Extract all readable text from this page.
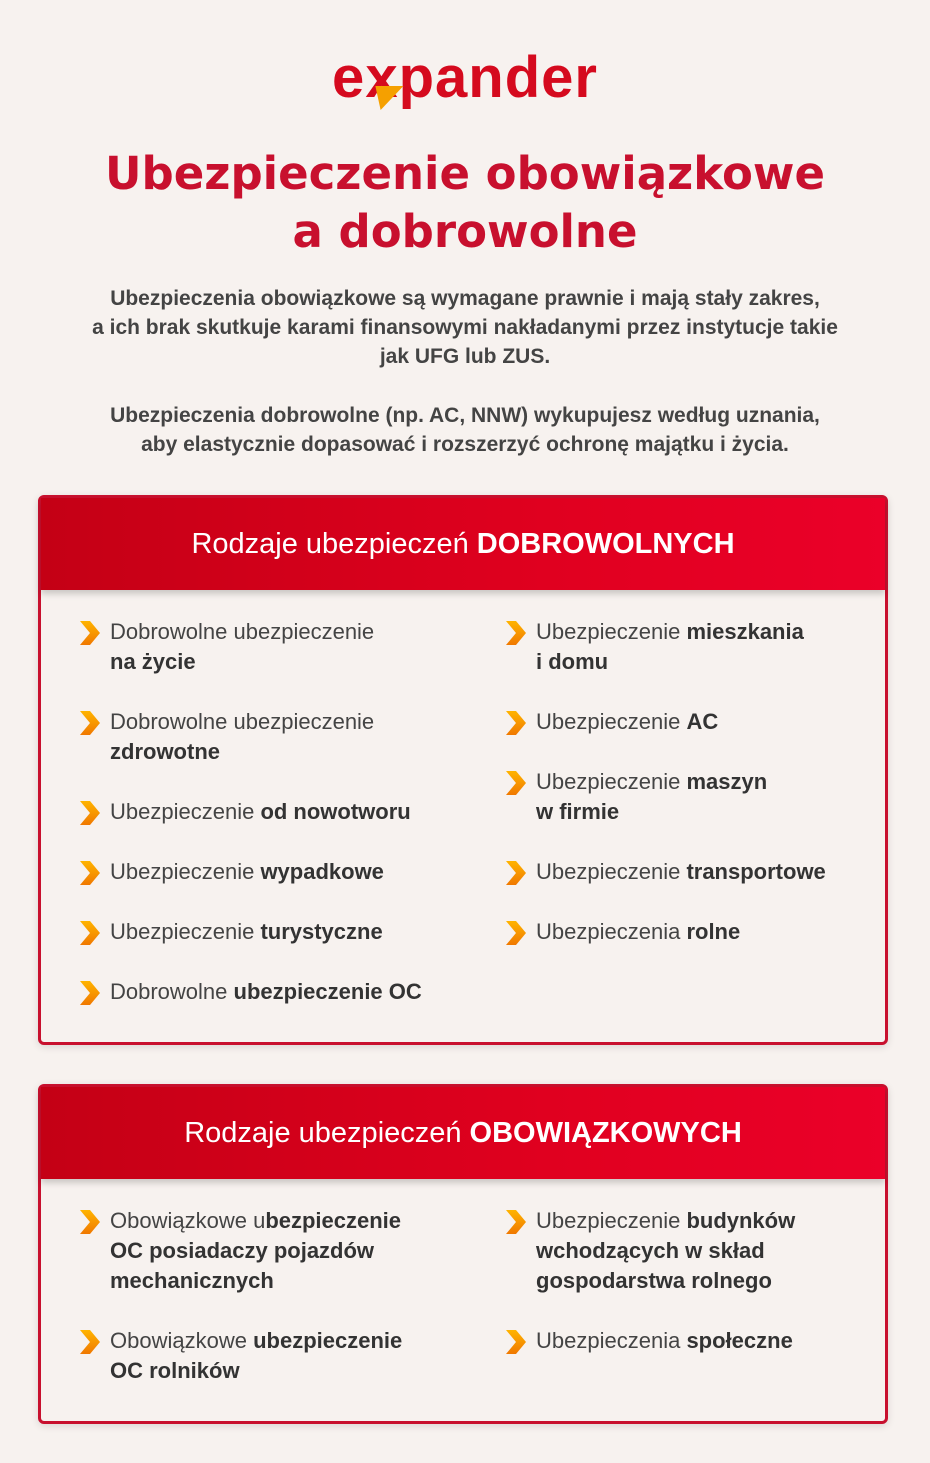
expander
Ubezpieczenie obowiązkowe
a dobrowolne
Ubezpieczenia obowiązkowe są wymagane prawnie i mają stały zakres,
a ich brak skutkuje karami finansowymi nakładanymi przez instytucje takie
jak UFG lub ZUS.
Ubezpieczenia dobrowolne (np. AC, NNW) wykupujesz według uznania,
aby elastycznie dopasować i rozszerzyć ochronę majątku i życia.
Rodzaje ubezpieczeń DOBROWOLNYCH
Dobrowolne ubezpieczenie
na życie
Dobrowolne ubezpieczenie
zdrowotne
Ubezpieczenie od nowotworu
Ubezpieczenie wypadkowe
Ubezpieczenie turystyczne
Dobrowolne ubezpieczenie OC
Ubezpieczenie mieszkania
i domu
Ubezpieczenie AC
Ubezpieczenie maszyn
w firmie
Ubezpieczenie transportowe
Ubezpieczenia rolne
Rodzaje ubezpieczeń OBOWIĄZKOWYCH
Obowiązkowe ubezpieczenie
OC posiadaczy pojazdów
mechanicznych
Obowiązkowe ubezpieczenie
OC rolników
Ubezpieczenie budynków
wchodzących w skład
gospodarstwa rolnego
Ubezpieczenia społeczne
